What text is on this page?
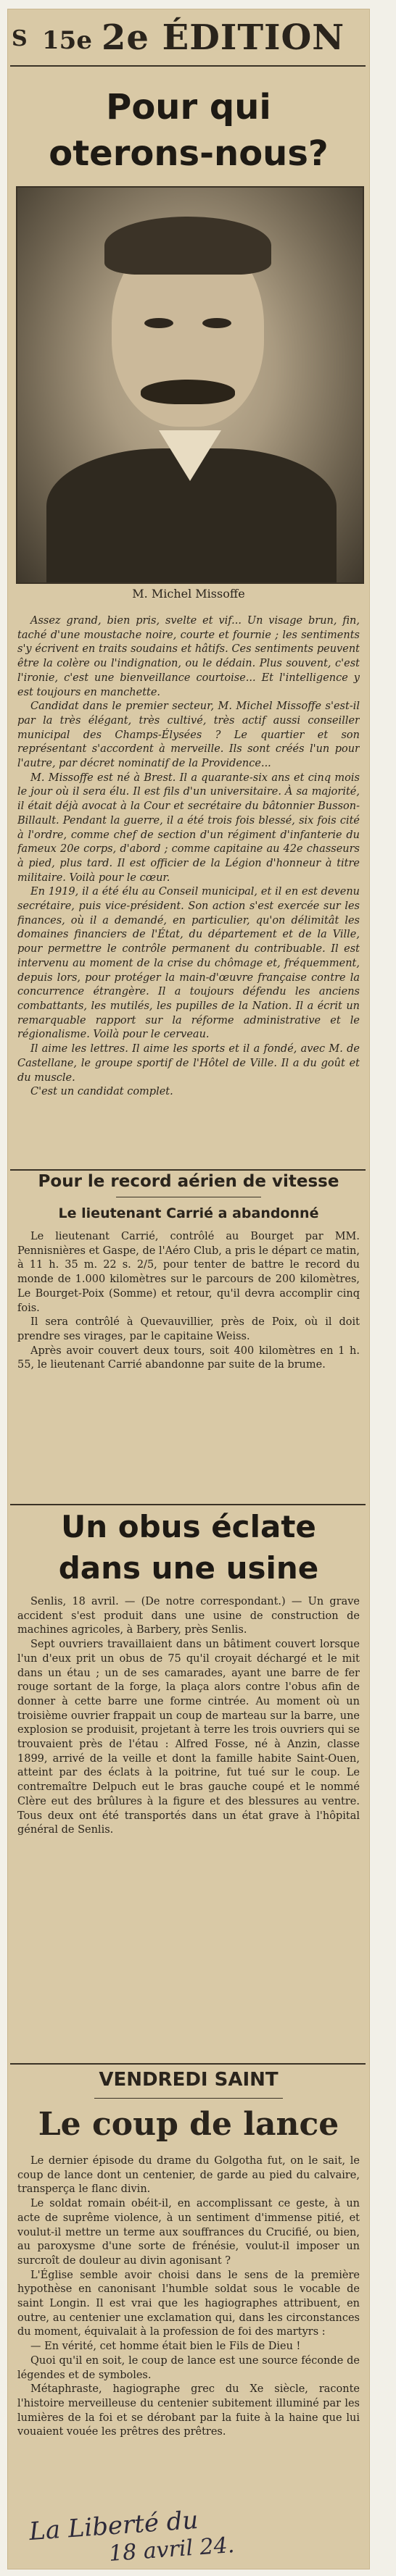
S 15e 2e ÉDITION
Pour qui
oterons-nous?
M. Michel Missoffe

Assez grand, bien pris, svelte et vif... Un visage brun, fin, taché d'une moustache noire, courte et fournie ; les sentiments s'y écrivent en traits soudains et hâtifs. Ces sentiments peuvent être la colère ou l'indignation, ou le dédain. Plus souvent, c'est l'ironie, c'est une bienveillance courtoise... Et l'intelligence y est toujours en manchette.

Candidat dans le premier secteur, M. Michel Missoffe s'est-il par la très élégant, très cultivé, très actif aussi conseiller municipal des Champs-Élysées ? Le quartier et son représentant s'accordent à merveille. Ils sont créés l'un pour l'autre, par décret nominatif de la Providence...

M. Missoffe est né à Brest. Il a quarante-six ans et cinq mois le jour où il sera élu. Il est fils d'un universitaire. À sa majorité, il était déjà avocat à la Cour et secrétaire du bâtonnier Busson-Billault. Pendant la guerre, il a été trois fois blessé, six fois cité à l'ordre, comme chef de section d'un régiment d'infanterie du fameux 20e corps, d'abord ; comme capitaine au 42e chasseurs à pied, plus tard. Il est officier de la Légion d'honneur à titre militaire. Voilà pour le cœur.

En 1919, il a été élu au Conseil municipal, et il en est devenu secrétaire, puis vice-président. Son action s'est exercée sur les finances, où il a demandé, en particulier, qu'on délimitât les domaines financiers de l'État, du département et de la Ville, pour permettre le contrôle permanent du contribuable. Il est intervenu au moment de la crise du chômage et, fréquemment, depuis lors, pour protéger la main-d'œuvre française contre la concurrence étrangère. Il a toujours défendu les anciens combattants, les mutilés, les pupilles de la Nation. Il a écrit un remarquable rapport sur la réforme administrative et le régionalisme. Voilà pour le cerveau.

Il aime les lettres. Il aime les sports et il a fondé, avec M. de Castellane, le groupe sportif de l'Hôtel de Ville. Il a du goût et du muscle.

C'est un candidat complet.

Pour le record aérien de vitesse
Le lieutenant Carrié a abandonné

Le lieutenant Carrié, contrôlé au Bourget par MM. Pennisnières et Gaspe, de l'Aéro Club, a pris le départ ce matin, à 11 h. 35 m. 22 s. 2/5, pour tenter de battre le record du monde de 1.000 kilomètres sur le parcours de 200 kilomètres, Le Bourget-Poix (Somme) et retour, qu'il devra accomplir cinq fois.

Il sera contrôlé à Quevauvillier, près de Poix, où il doit prendre ses virages, par le capitaine Weiss.

Après avoir couvert deux tours, soit 400 kilomètres en 1 h. 55, le lieutenant Carrié abandonne par suite de la brume.

Un obus éclate
dans une usine

Senlis, 18 avril. — (De notre correspondant.) — Un grave accident s'est produit dans une usine de construction de machines agricoles, à Barbery, près Senlis.

Sept ouvriers travaillaient dans un bâtiment couvert lorsque l'un d'eux prit un obus de 75 qu'il croyait déchargé et le mit dans un étau ; un de ses camarades, ayant une barre de fer rouge sortant de la forge, la plaça alors contre l'obus afin de donner à cette barre une forme cintrée. Au moment où un troisième ouvrier frappait un coup de marteau sur la barre, une explosion se produisit, projetant à terre les trois ouvriers qui se trouvaient près de l'étau : Alfred Fosse, né à Anzin, classe 1899, arrivé de la veille et dont la famille habite Saint-Ouen, atteint par des éclats à la poitrine, fut tué sur le coup. Le contremaître Delpuch eut le bras gauche coupé et le nommé Clère eut des brûlures à la figure et des blessures au ventre. Tous deux ont été transportés dans un état grave à l'hôpital général de Senlis.

VENDREDI SAINT
Le coup de lance

Le dernier épisode du drame du Golgotha fut, on le sait, le coup de lance dont un centenier, de garde au pied du calvaire, transperça le flanc divin.

Le soldat romain obéit-il, en accomplissant ce geste, à un acte de suprême violence, à un sentiment d'immense pitié, et voulut-il mettre un terme aux souffrances du Crucifié, ou bien, au paroxysme d'une sorte de frénésie, voulut-il imposer un surcroît de douleur au divin agonisant ?

L'Église semble avoir choisi dans le sens de la première hypothèse en canonisant l'humble soldat sous le vocable de saint Longin. Il est vrai que les hagiographes attribuent, en outre, au centenier une exclamation qui, dans les circonstances du moment, équivalait à la profession de foi des martyrs :

— En vérité, cet homme était bien le Fils de Dieu !

Quoi qu'il en soit, le coup de lance est une source féconde de légendes et de symboles.

Métaphraste, hagiographe grec du Xe siècle, raconte l'histoire merveilleuse du centenier subitement illuminé par les lumières de la foi et se dérobant par la fuite à la haine que lui vouaient vouée les prêtres des prêtres.

La Liberté du
18 avril 24.
